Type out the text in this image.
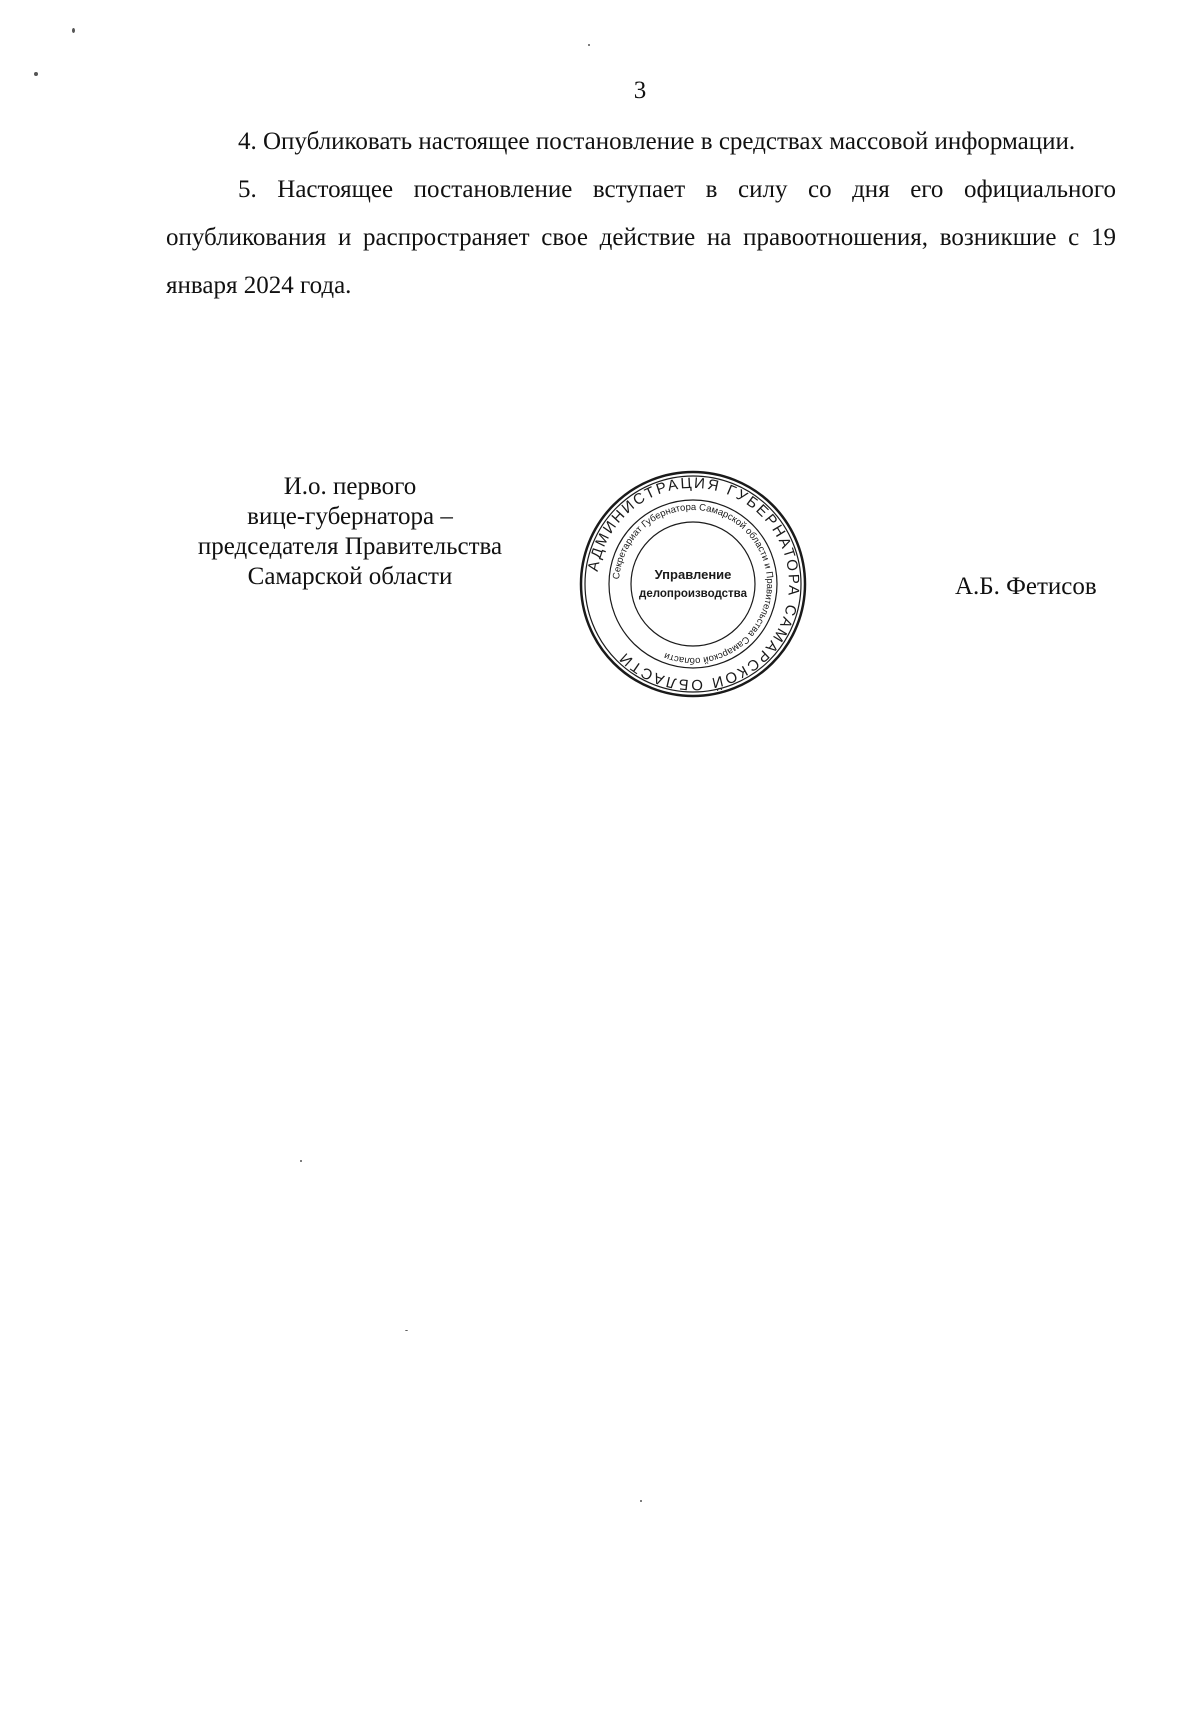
3

4. Опубликовать настоящее постановление в средствах массовой информации.

5. Настоящее постановление вступает в силу со дня его официального опубликования и распространяет свое действие на правоотношения, возникшие с 19 января 2024 года.

И.о. первого
вице-губернатора –
председателя Правительства
Самарской области	АДМИНИСТРАЦИЯ ГУБЕРНАТОРА САМАРСКОЙ ОБЛАСТИ
Секретариат Губернатора Самарской области и Правительства Самарской области
Управление
делопроизводства	А.Б. Фетисов
